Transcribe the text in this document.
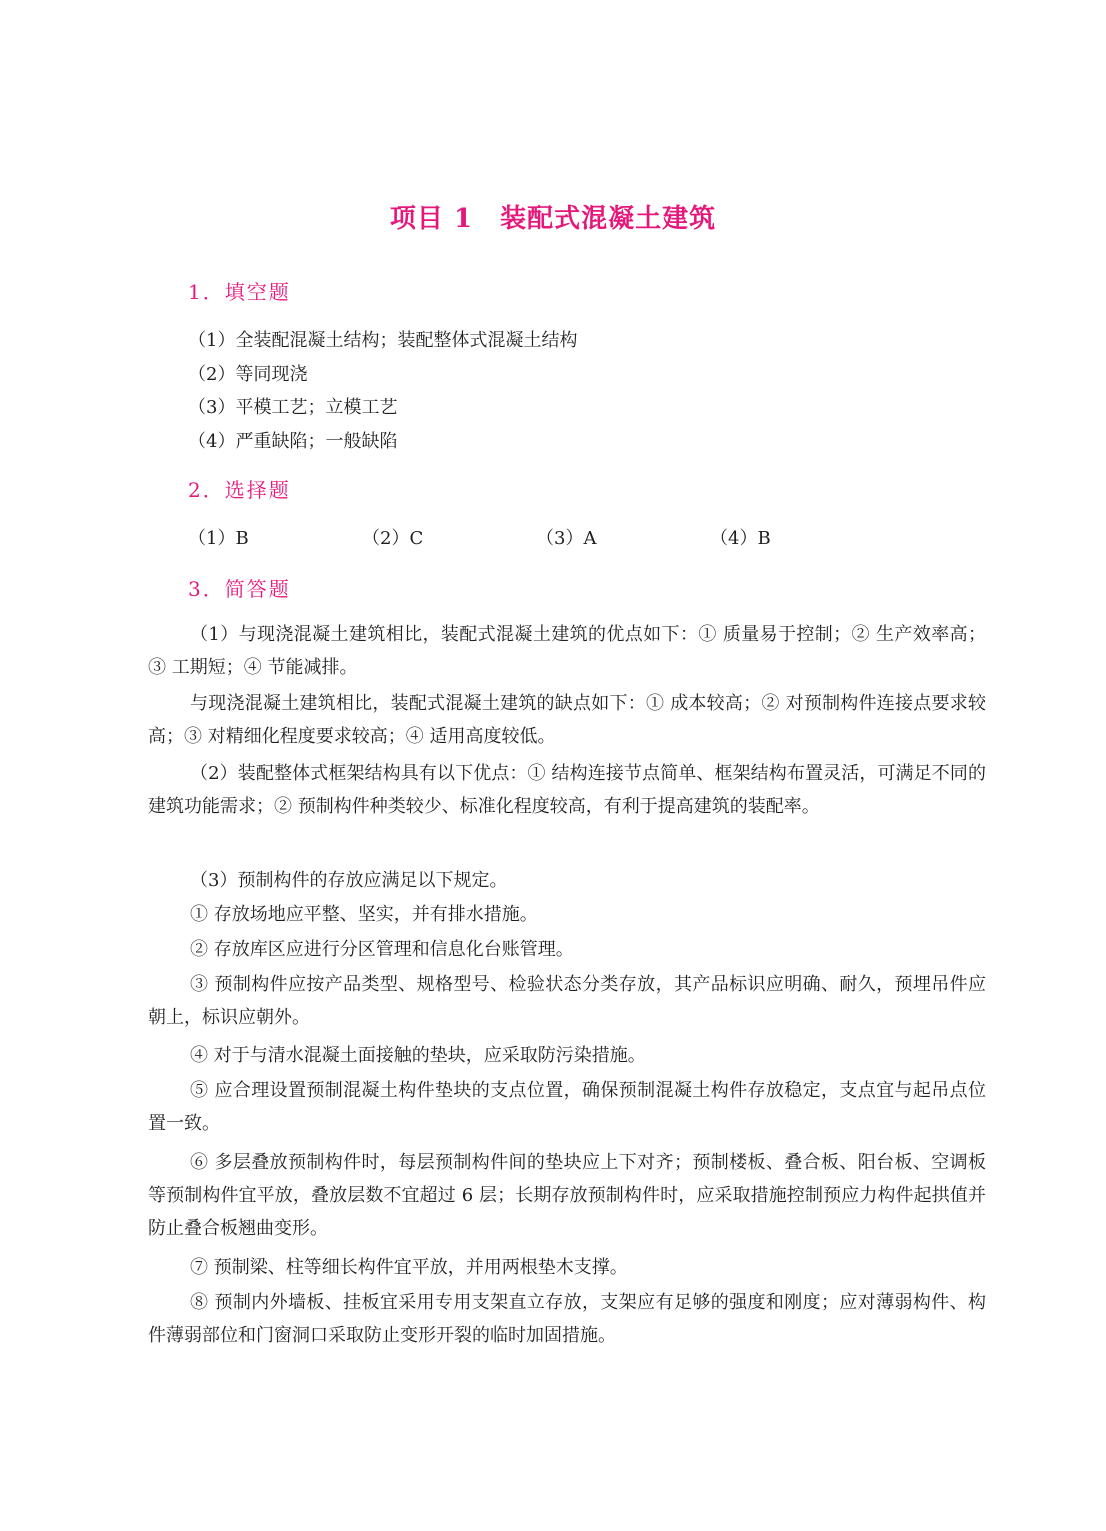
项目 1　装配式混凝土建筑
1．填空题
（1）全装配混凝土结构；装配整体式混凝土结构
（2）等同现浇
（3）平模工艺；立模工艺
（4）严重缺陷；一般缺陷
2．选择题
（1）B	（2）C	（3）A	（4）B
3．简答题
（1）与现浇混凝土建筑相比，装配式混凝土建筑的优点如下：① 质量易于控制；② 生产效率高；③ 工期短；④ 节能减排。
与现浇混凝土建筑相比，装配式混凝土建筑的缺点如下：① 成本较高；② 对预制构件连接点要求较高；③ 对精细化程度要求较高；④ 适用高度较低。
（2）装配整体式框架结构具有以下优点：① 结构连接节点简单、框架结构布置灵活，可满足不同的建筑功能需求；② 预制构件种类较少、标准化程度较高，有利于提高建筑的装配率。
（3）预制构件的存放应满足以下规定。
① 存放场地应平整、坚实，并有排水措施。
② 存放库区应进行分区管理和信息化台账管理。
③ 预制构件应按产品类型、规格型号、检验状态分类存放，其产品标识应明确、耐久，预埋吊件应朝上，标识应朝外。
④ 对于与清水混凝土面接触的垫块，应采取防污染措施。
⑤ 应合理设置预制混凝土构件垫块的支点位置，确保预制混凝土构件存放稳定，支点宜与起吊点位置一致。
⑥ 多层叠放预制构件时，每层预制构件间的垫块应上下对齐；预制楼板、叠合板、阳台板、空调板等预制构件宜平放，叠放层数不宜超过 6 层；长期存放预制构件时，应采取措施控制预应力构件起拱值并防止叠合板翘曲变形。
⑦ 预制梁、柱等细长构件宜平放，并用两根垫木支撑。
⑧ 预制内外墙板、挂板宜采用专用支架直立存放，支架应有足够的强度和刚度；应对薄弱构件、构件薄弱部位和门窗洞口采取防止变形开裂的临时加固措施。
